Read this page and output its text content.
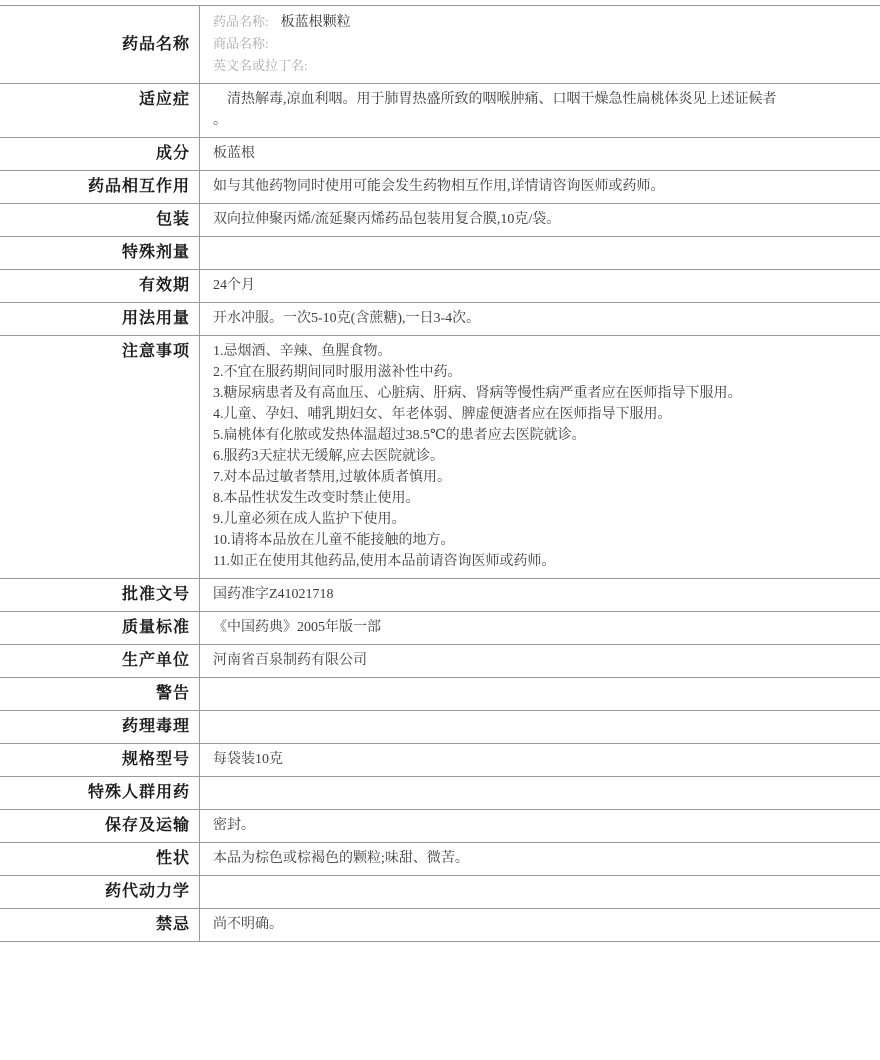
药品名称
药品名称: 板蓝根颗粒
商品名称:
英文名或拉丁名:
适应症	　清热解毒,凉血利咽。用于肺胃热盛所致的咽喉肿痛、口咽干燥急性扁桃体炎见上述证候者
。
成分	板蓝根
药品相互作用	如与其他药物同时使用可能会发生药物相互作用,详情请咨询医师或药师。
包装	双向拉伸聚丙烯/流延聚丙烯药品包装用复合膜,10克/袋。
特殊剂量
有效期	24个月
用法用量	开水冲服。一次5-10克(含蔗糖),一日3-4次。
注意事项	1.忌烟酒、辛辣、鱼腥食物。
2.不宜在服药期间同时服用滋补性中药。
3.糖尿病患者及有高血压、心脏病、肝病、肾病等慢性病严重者应在医师指导下服用。
4.儿童、孕妇、哺乳期妇女、年老体弱、脾虚便溏者应在医师指导下服用。
5.扁桃体有化脓或发热体温超过38.5℃的患者应去医院就诊。
6.服药3天症状无缓解,应去医院就诊。
7.对本品过敏者禁用,过敏体质者慎用。
8.本品性状发生改变时禁止使用。
9.儿童必须在成人监护下使用。
10.请将本品放在儿童不能接触的地方。
11.如正在使用其他药品,使用本品前请咨询医师或药师。
批准文号	国药准字Z41021718
质量标准	《中国药典》2005年版一部
生产单位	河南省百泉制药有限公司
警告
药理毒理
规格型号	每袋装10克
特殊人群用药
保存及运输	密封。
性状	本品为棕色或棕褐色的颗粒;味甜、微苦。
药代动力学
禁忌	尚不明确。
